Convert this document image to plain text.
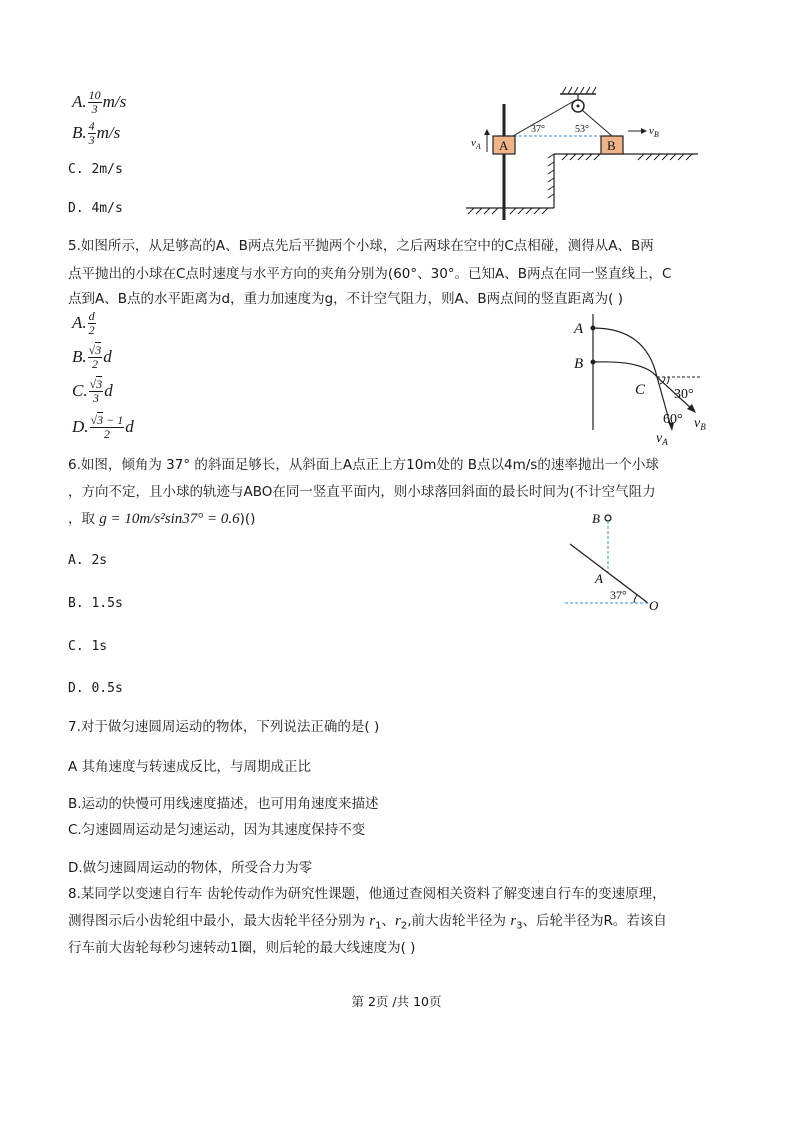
A. $\frac{10}{3} m/s$
B. $\frac{4}{3} m/s$
C. 2m/s
D. 4m/s
A	B
37°	53°
$v_A$
$v_B$
5.如图所示，从足够高的A、B两点先后平抛两个小球，之后两球在空中的C点相碰，测得从A、B两
点平抛出的小球在C点时速度与水平方向的夹角分别为(60°、30°。已知A、B两点在同一竖直线上，C
点到A、B点的水平距离为d，重力加速度为g，不计空气阻力，则A、B两点间的竖直距离为( )
A. $\frac{d}{2}$
B. $\frac{√3}{2}$ d
C. $\frac{√3}{3}$ d
D. $\frac{√3 - 1}{2}$ d
A
B
C 30°
60° $v_B$
$v_A$
6.如图，倾角为 37° 的斜面足够长，从斜面上A点正上方10m处的 B点以4m/s的速率抛出一个小球
，方向不定，且小球的轨迹与ABO在同一竖直平面内，则小球落回斜面的最长时间为(不计空气阻力
，取 g = 10m/s²sin37° = 0.6)()
A. 2s
B. 1.5s
C. 1s
D. 0.5s
B
A
37°
O
7.对于做匀速圆周运动的物体，下列说法正确的是( )
A 其角速度与转速成反比，与周期成正比
B.运动的快慢可用线速度描述，也可用角速度来描述
C.匀速圆周运动是匀速运动，因为其速度保持不变
D.做匀速圆周运动的物体，所受合力为零
8.某同学以变速自行车 齿轮传动作为研究性课题，他通过查阅相关资料了解变速自行车的变速原理，
测得图示后小齿轮组中最小，最大齿轮半径分别为 $r_1$、$r_2$,前大齿轮半径为 $r_3$、后轮半径为R。若该自
行车前大齿轮每秒匀速转动1圈，则后轮的最大线速度为( )
第 2页 /共 10页
